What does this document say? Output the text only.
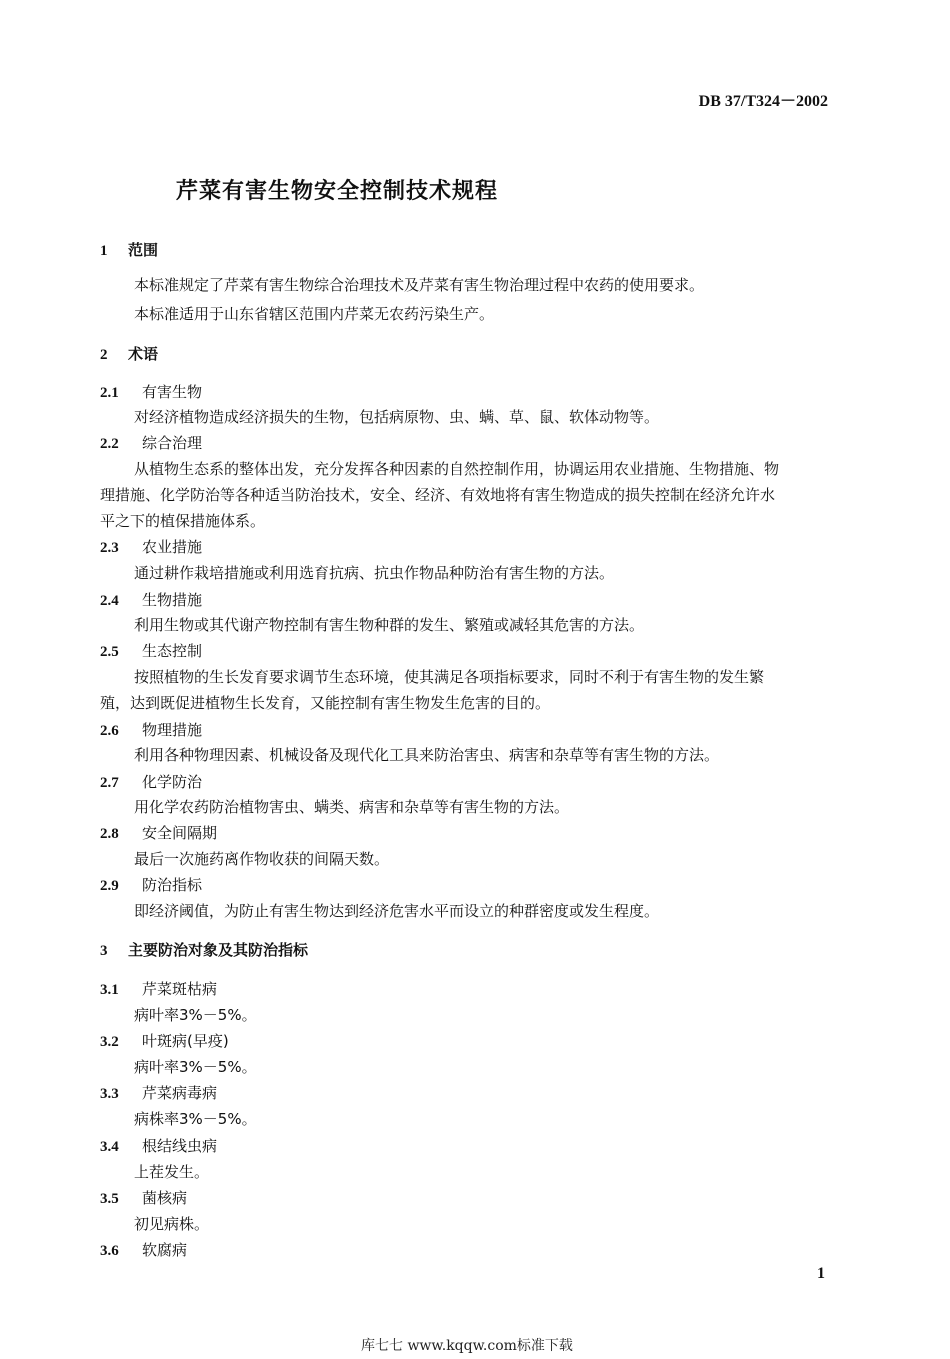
DB 37/T324－2002
芹菜有害生物安全控制技术规程
1 范围
本标准规定了芹菜有害生物综合治理技术及芹菜有害生物治理过程中农药的使用要求。
本标准适用于山东省辖区范围内芹菜无农药污染生产。
2 术语
2.1 有害生物
对经济植物造成经济损失的生物，包括病原物、虫、螨、草、鼠、软体动物等。
2.2 综合治理
从植物生态系的整体出发，充分发挥各种因素的自然控制作用，协调运用农业措施、生物措施、物
理措施、化学防治等各种适当防治技术，安全、经济、有效地将有害生物造成的损失控制在经济允许水
平之下的植保措施体系。
2.3 农业措施
通过耕作栽培措施或利用选育抗病、抗虫作物品种防治有害生物的方法。
2.4 生物措施
利用生物或其代谢产物控制有害生物种群的发生、繁殖或减轻其危害的方法。
2.5 生态控制
按照植物的生长发育要求调节生态环境，使其满足各项指标要求，同时不利于有害生物的发生繁
殖，达到既促进植物生长发育，又能控制有害生物发生危害的目的。
2.6 物理措施
利用各种物理因素、机械设备及现代化工具来防治害虫、病害和杂草等有害生物的方法。
2.7 化学防治
用化学农药防治植物害虫、螨类、病害和杂草等有害生物的方法。
2.8 安全间隔期
最后一次施药离作物收获的间隔天数。
2.9 防治指标
即经济阈值，为防止有害生物达到经济危害水平而设立的种群密度或发生程度。
3 主要防治对象及其防治指标
3.1 芹菜斑枯病
病叶率3%－5%。
3.2 叶斑病(早疫)
病叶率3%－5%。
3.3 芹菜病毒病
病株率3%－5%。
3.4 根结线虫病
上茬发生。
3.5 菌核病
初见病株。
3.6 软腐病
1
库七七 www.kqqw.com标准下载
